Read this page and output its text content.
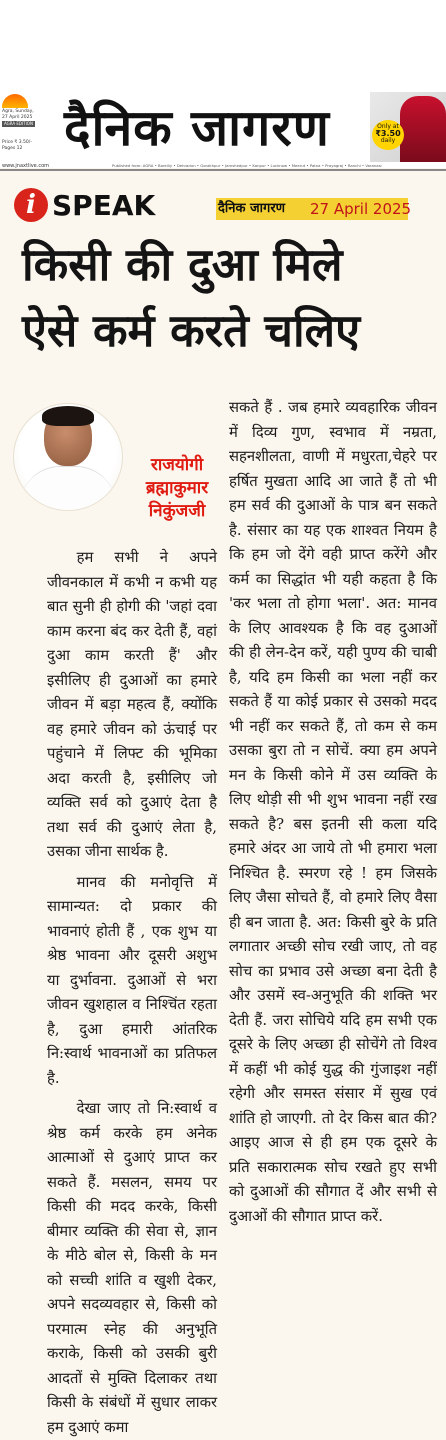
Agra, Sunday,
27 April 2025
AGRA EDITION
Price ₹ 3.50/-
Pages 12 दैनिक जागरण	Only at
₹3.50
daily
www.jnaxtlive.com	Published from: AGRA • Bareilly • Dehradun • Gorakhpur • Jamshedpur • Kanpur • Lucknow • Meerut • Patna • Prayagraj • Ranchi • Varanasi
i SPEAK	दैनिक जागरण 27 April 2025
किसी की दुआ मिले
ऐसे कर्म करते चलिए
राजयोगी
ब्रह्माकुमार
निकुंजजी

हम सभी ने अपने जीवनकाल में कभी न कभी यह बात सुनी ही होगी की 'जहां दवा काम करना बंद कर देती हैं, वहां दुआ काम करती हैं' और इसीलिए ही दुआओं का हमारे जीवन में बड़ा महत्व हैं, क्योंकि वह हमारे जीवन को ऊंचाई पर पहुंचाने में लिफ्ट की भूमिका अदा करती है, इसीलिए जो व्यक्ति सर्व को दुआएं देता है तथा सर्व की दुआएं लेता है, उसका जीना सार्थक है.

मानव की मनोवृत्ति में सामान्यत: दो प्रकार की भावनाएं होती हैं , एक शुभ या श्रेष्ठ भावना और दूसरी अशुभ या दुर्भावना. दुआओं से भरा जीवन खुशहाल व निश्चिंत रहता है, दुआ हमारी आंतरिक नि:स्वार्थ भावनाओं का प्रतिफल है.

देखा जाए तो नि:स्वार्थ व श्रेष्ठ कर्म करके हम अनेक आत्माओं से दुआएं प्राप्त कर सकते हैं. मसलन, समय पर किसी की मदद करके, किसी बीमार व्यक्ति की सेवा से, ज्ञान के मीठे बोल से, किसी के मन को सच्ची शांति व खुशी देकर, अपने सदव्यवहार से, किसी को परमात्म स्नेह की अनुभूति कराके, किसी को उसकी बुरी आदतों से मुक्ति दिलाकर तथा किसी के संबंधों में सुधार लाकर हम दुआएं कमा

सकते हैं . जब हमारे व्यवहारिक जीवन में दिव्य गुण, स्वभाव में नम्रता, सहनशीलता, वाणी में मधुरता,चेहरे पर हर्षित मुखता आदि आ जाते हैं तो भी हम सर्व की दुआओं के पात्र बन सकते है. संसार का यह एक शाश्वत नियम है कि हम जो देंगे वही प्राप्त करेंगे और कर्म का सिद्धांत भी यही कहता है कि 'कर भला तो होगा भला'. अत: मानव के लिए आवश्यक है कि वह दुआओं की ही लेन-देन करें, यही पुण्य की चाबी है, यदि हम किसी का भला नहीं कर सकते हैं या कोई प्रकार से उसको मदद भी नहीं कर सकते हैं, तो कम से कम उसका बुरा तो न सोचें. क्या हम अपने मन के किसी कोने में उस व्यक्ति के लिए थोड़ी सी भी शुभ भावना नहीं रख सकते है? बस इतनी सी कला यदि हमारे अंदर आ जाये तो भी हमारा भला निश्चित है. स्मरण रहे ! हम जिसके लिए जैसा सोचते हैं, वो हमारे लिए वैसा ही बन जाता है. अत: किसी बुरे के प्रति लगातार अच्छी सोच रखी जाए, तो वह सोच का प्रभाव उसे अच्छा बना देती है और उसमें स्व-अनुभूति की शक्ति भर देती हैं. जरा सोचिये यदि हम सभी एक दूसरे के लिए अच्छा ही सोचेंगे तो विश्व में कहीं भी कोई युद्ध की गुंजाइश नहीं रहेगी और समस्त संसार में सुख एवं शांति हो जाएगी. तो देर किस बात की? आइए आज से ही हम एक दूसरे के प्रति सकारात्मक सोच रखते हुए सभी को दुआओं की सौगात दें और सभी से दुआओं की सौगात प्राप्त करें.
